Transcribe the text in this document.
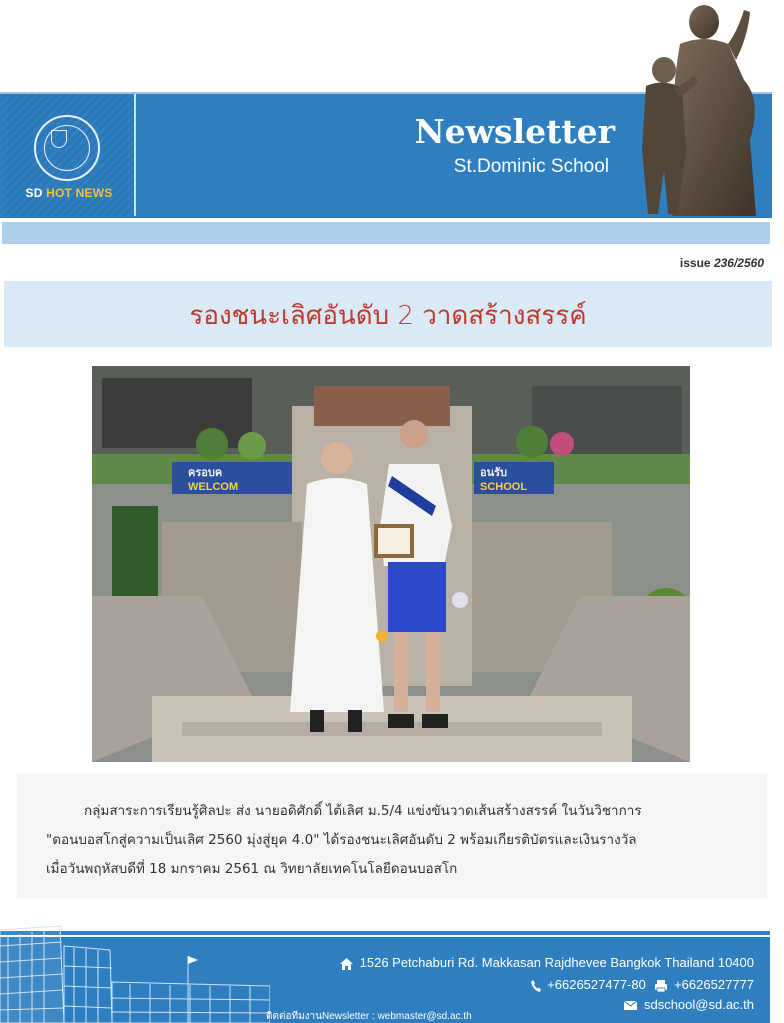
SD HOT NEWS
Newsletter
St.Dominic School
issue 236/2560
รองชนะเลิศอันดับ 2 วาดสร้างสรรค์
ครอบค
WELCOM
อนรับ
SCHOOL
กลุ่มสาระการเรียนรู้ศิลปะ ส่ง นายอดิศักดิ์ ไต้เลิศ ม.5/4 แข่งขันวาดเส้นสร้างสรรค์ ในวันวิชาการ
"ดอนบอสโกสู่ความเป็นเลิศ 2560 มุ่งสู่ยุค 4.0" ได้รองชนะเลิศอันดับ 2 พร้อมเกียรติบัตรและเงินรางวัล
เมื่อวันพฤหัสบดีที่ 18 มกราคม 2561 ณ วิทยาลัยเทคโนโลยีดอนบอสโก
1526 Petchaburi Rd. Makkasan Rajdhevee Bangkok Thailand 10400
+6626527477-80 +6626527777
sdschool@sd.ac.th
ติดต่อทีมงานNewsletter : webmaster@sd.ac.th
